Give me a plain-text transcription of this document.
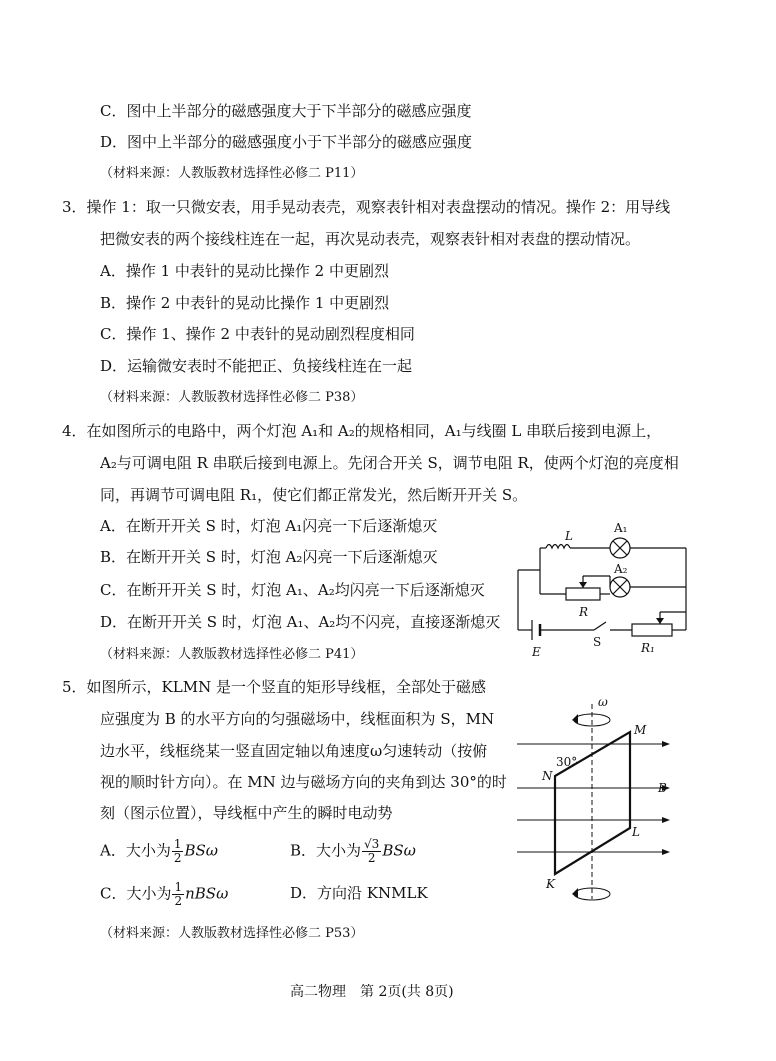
C．图中上半部分的磁感强度大于下半部分的磁感应强度
D．图中上半部分的磁感强度小于下半部分的磁感应强度
（材料来源：人教版教材选择性必修二 P11）
3．操作 1：取一只微安表，用手晃动表壳，观察表针相对表盘摆动的情况。操作 2：用导线
把微安表的两个接线柱连在一起，再次晃动表壳，观察表针相对表盘的摆动情况。
A．操作 1 中表针的晃动比操作 2 中更剧烈
B．操作 2 中表针的晃动比操作 1 中更剧烈
C．操作 1、操作 2 中表针的晃动剧烈程度相同
D．运输微安表时不能把正、负接线柱连在一起
（材料来源：人教版教材选择性必修二 P38）
4．在如图所示的电路中，两个灯泡 A₁和 A₂的规格相同，A₁与线圈 L 串联后接到电源上，
A₂与可调电阻 R 串联后接到电源上。先闭合开关 S，调节电阻 R，使两个灯泡的亮度相
同，再调节可调电阻 R₁，使它们都正常发光，然后断开开关 S。
A．在断开开关 S 时，灯泡 A₁闪亮一下后逐渐熄灭
B．在断开开关 S 时，灯泡 A₂闪亮一下后逐渐熄灭
C．在断开开关 S 时，灯泡 A₁、A₂均闪亮一下后逐渐熄灭
D．在断开开关 S 时，灯泡 A₁、A₂均不闪亮，直接逐渐熄灭
（材料来源：人教版教材选择性必修二 P41）
L
A₁
A₂
R
S
E	R₁
5．如图所示，KLMN 是一个竖直的矩形导线框，全部处于磁感
应强度为 B 的水平方向的匀强磁场中，线框面积为 S，MN
边水平，线框绕某一竖直固定轴以角速度ω匀速转动（按俯
视的顺时针方向）。在 MN 边与磁场方向的夹角到达 30°的时
刻（图示位置），导线框中产生的瞬时电动势
A．大小为 $\frac{1}{2}$ BSω	B．大小为 $\frac{√3}{2}$ BSω
C．大小为 $\frac{1}{2}$ nBSω	D．方向沿 KNMLK
（材料来源：人教版教材选择性必修二 P53）
ω
M
N
L
K
B
30°
高二物理　第 2页(共 8页)
